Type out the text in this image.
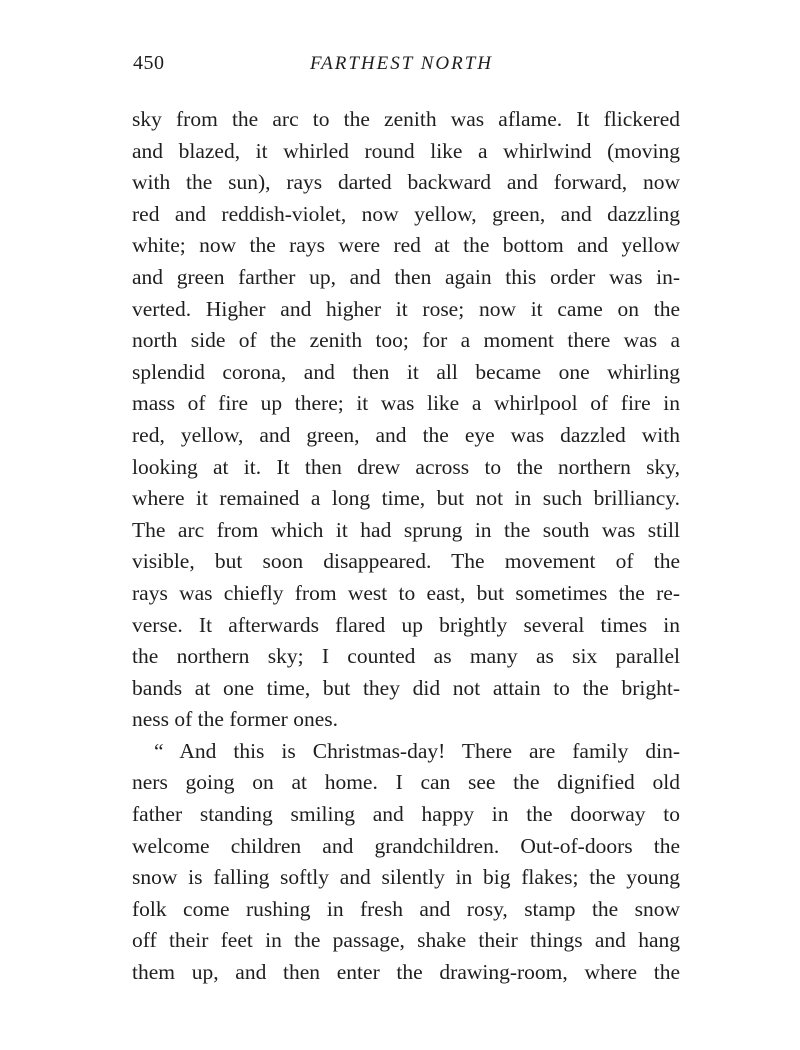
450	FARTHEST NORTH
sky from the arc to the zenith was aflame. It flickered
and blazed, it whirled round like a whirlwind (moving
with the sun), rays darted backward and forward, now
red and reddish-violet, now yellow, green, and dazzling
white; now the rays were red at the bottom and yellow
and green farther up, and then again this order was in-
verted. Higher and higher it rose; now it came on the
north side of the zenith too; for a moment there was a
splendid corona, and then it all became one whirling
mass of fire up there; it was like a whirlpool of fire in
red, yellow, and green, and the eye was dazzled with
looking at it. It then drew across to the northern sky,
where it remained a long time, but not in such brilliancy.
The arc from which it had sprung in the south was still
visible, but soon disappeared. The movement of the
rays was chiefly from west to east, but sometimes the re-
verse. It afterwards flared up brightly several times in
the northern sky; I counted as many as six parallel
bands at one time, but they did not attain to the bright-
ness of the former ones.
“ And this is Christmas-day! There are family din-
ners going on at home. I can see the dignified old
father standing smiling and happy in the doorway to
welcome children and grandchildren. Out-of-doors the
snow is falling softly and silently in big flakes; the young
folk come rushing in fresh and rosy, stamp the snow
off their feet in the passage, shake their things and hang
them up, and then enter the drawing-room, where the
